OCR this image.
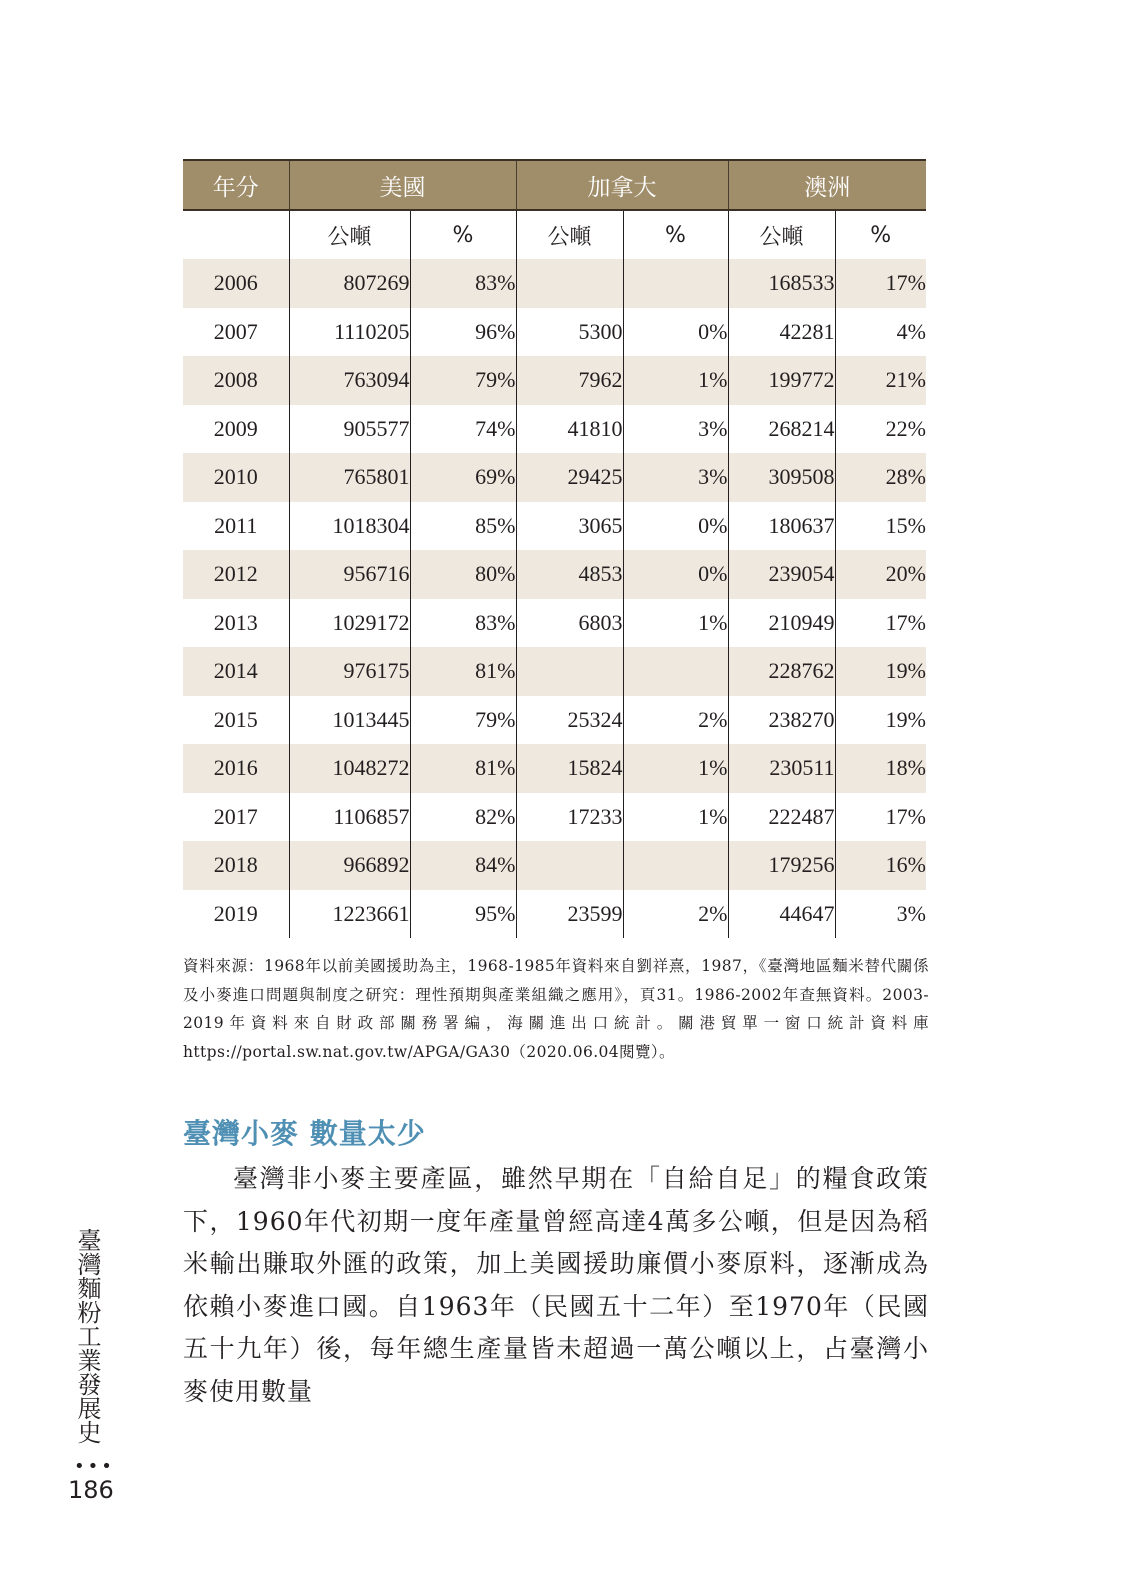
年分	美國		加拿大		澳洲	
	公噸	%	公噸	%	公噸	%
2006	807269	83%			168533	17%
2007	1110205	96%	5300	0%	42281	4%
2008	763094	79%	7962	1%	199772	21%
2009	905577	74%	41810	3%	268214	22%
2010	765801	69%	29425	3%	309508	28%
2011	1018304	85%	3065	0%	180637	15%
2012	956716	80%	4853	0%	239054	20%
2013	1029172	83%	6803	1%	210949	17%
2014	976175	81%			228762	19%
2015	1013445	79%	25324	2%	238270	19%
2016	1048272	81%	15824	1%	230511	18%
2017	1106857	82%	17233	1%	222487	17%
2018	966892	84%			179256	16%
2019	1223661	95%	23599	2%	44647	3%
資料來源：1968年以前美國援助為主，1968-1985年資料來自劉祥熹，1987，《臺灣地區麵米替代關係及小麥進口問題與制度之研究：理性預期與產業組織之應用》，頁31。1986-2002年查無資料。2003-2019年資料來自財政部關務署編，海關進出口統計。關港貿單一窗口統計資料庫https://portal.sw.nat.gov.tw/APGA/GA30（2020.06.04閱覽）。
臺灣小麥 數量太少
臺灣非小麥主要產區，雖然早期在「自給自足」的糧食政策下，1960年代初期一度年產量曾經高達4萬多公噸，但是因為稻米輸出賺取外匯的政策，加上美國援助廉價小麥原料，逐漸成為依賴小麥進口國。自1963年（民國五十二年）至1970年（民國五十九年）後，每年總生產量皆未超過一萬公噸以上，占臺灣小麥使用數量
臺灣麵粉工業發展史
•••
186
